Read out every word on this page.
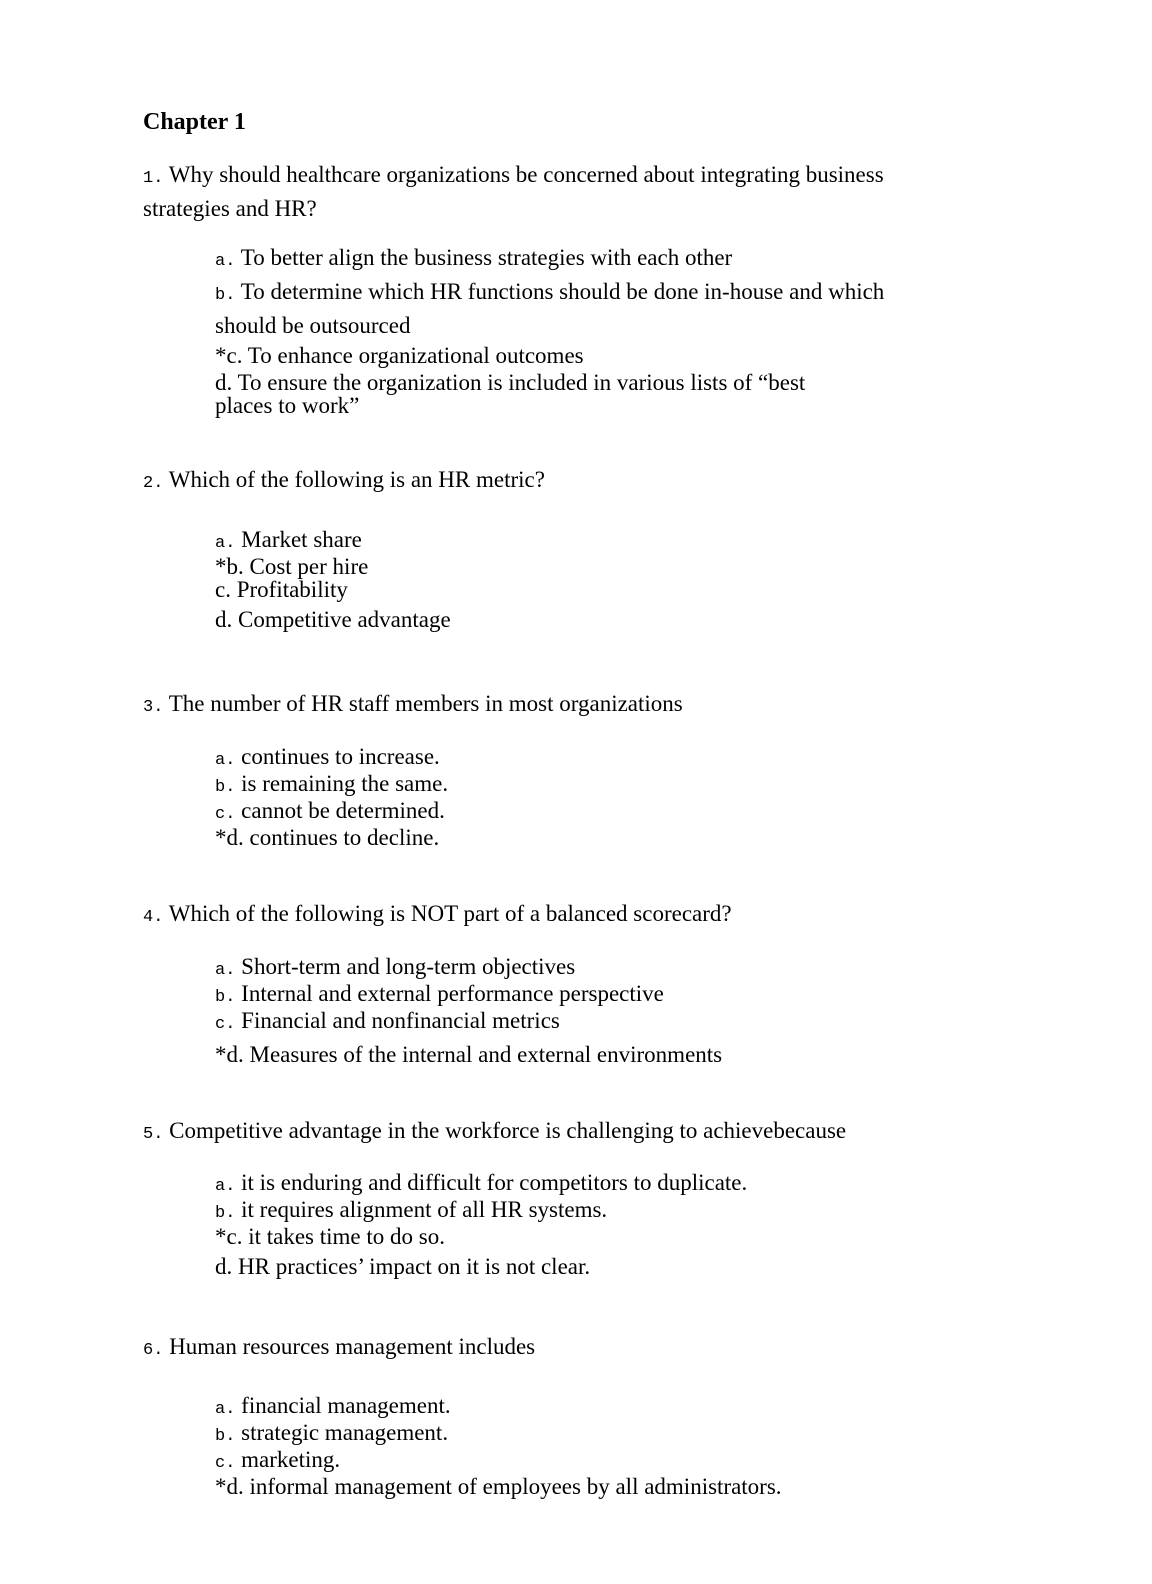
Chapter 1
1. Why should healthcare organizations be concerned about integrating business strategies and HR?
a. To better align the business strategies with each other
b. To determine which HR functions should be done in-house and which should be outsourced
*c. To enhance organizational outcomes
d. To ensure the organization is included in various lists of “best places to work”
2. Which of the following is an HR metric?
a. Market share
*b. Cost per hire
c. Profitability
d. Competitive advantage
3. The number of HR staff members in most organizations
a. continues to increase.
b. is remaining the same.
c. cannot be determined.
*d. continues to decline.
4. Which of the following is NOT part of a balanced scorecard?
a. Short-term and long-term objectives
b. Internal and external performance perspective
c. Financial and nonfinancial metrics
*d. Measures of the internal and external environments
5. Competitive advantage in the workforce is challenging to achievebecause
a. it is enduring and difficult for competitors to duplicate.
b. it requires alignment of all HR systems.
*c. it takes time to do so.
d. HR practices’ impact on it is not clear.
6. Human resources management includes
a. financial management.
b. strategic management.
c. marketing.
*d. informal management of employees by all administrators.
